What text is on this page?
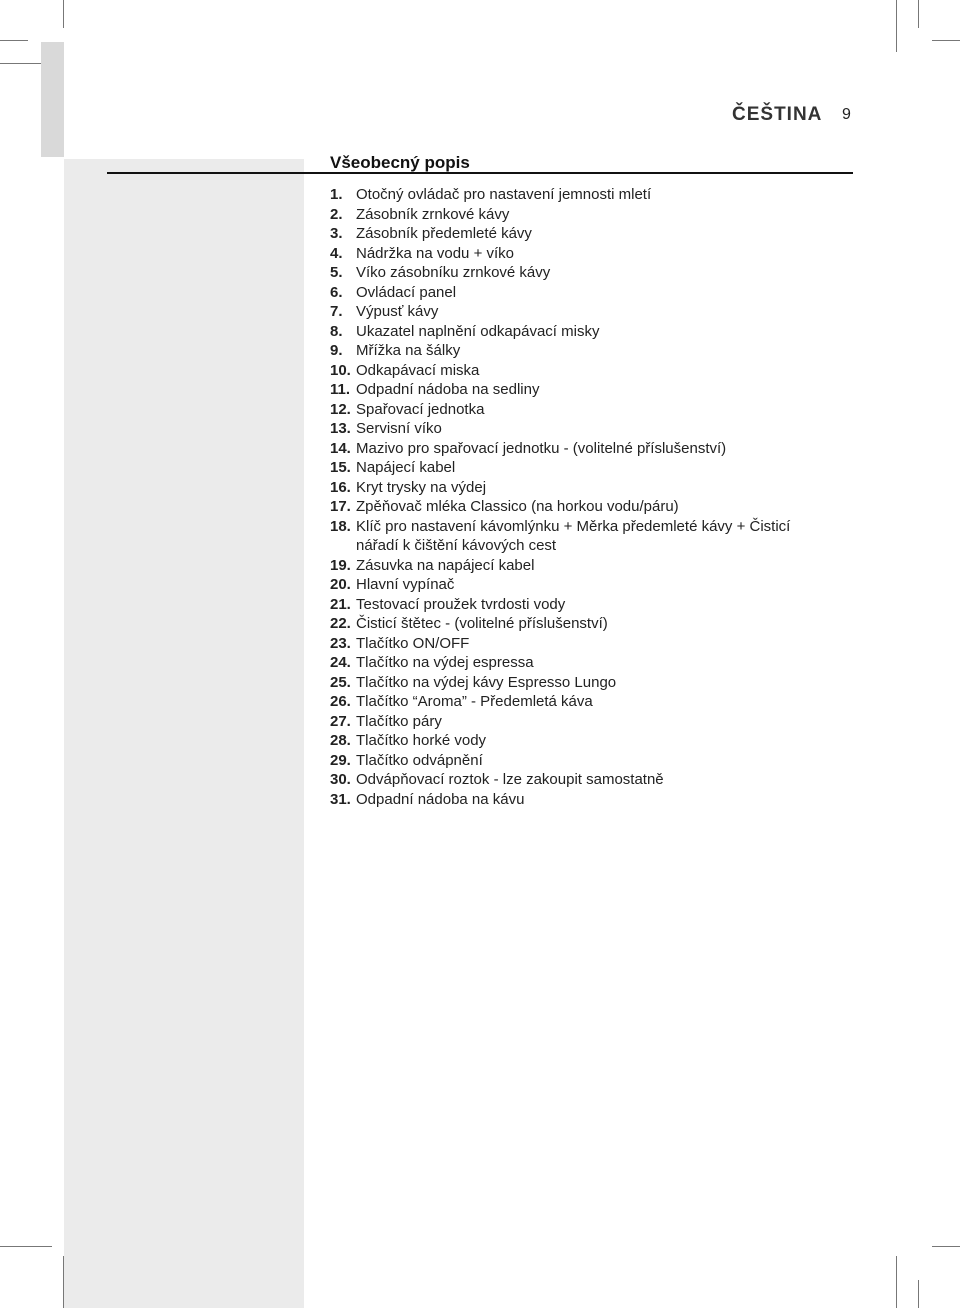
ČEŠTINA 9
Všeobecný popis
1. Otočný ovládač pro nastavení jemnosti mletí
2. Zásobník zrnkové kávy
3. Zásobník předemleté kávy
4. Nádržka na vodu + víko
5. Víko zásobníku zrnkové kávy
6. Ovládací panel
7. Výpusť kávy
8. Ukazatel naplnění odkapávací misky
9. Mřížka na šálky
10. Odkapávací miska
11. Odpadní nádoba na sedliny
12. Spařovací jednotka
13. Servisní víko
14. Mazivo pro spařovací jednotku - (volitelné příslušenství)
15. Napájecí kabel
16. Kryt trysky na výdej
17. Zpěňovač mléka Classico (na horkou vodu/páru)
18. Klíč pro nastavení kávomlýnku + Měrka předemleté kávy + Čisticí nářadí k čištění kávových cest
19. Zásuvka na napájecí kabel
20. Hlavní vypínač
21. Testovací proužek tvrdosti vody
22. Čisticí štětec - (volitelné příslušenství)
23. Tlačítko ON/OFF
24. Tlačítko na výdej espressa
25. Tlačítko na výdej kávy Espresso Lungo
26. Tlačítko “Aroma” - Předemletá káva
27. Tlačítko páry
28. Tlačítko horké vody
29. Tlačítko odvápnění
30. Odvápňovací roztok - lze zakoupit samostatně
31. Odpadní nádoba na kávu
